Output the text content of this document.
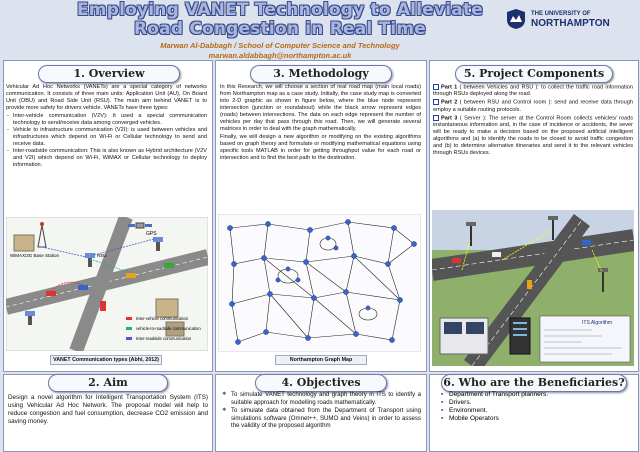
Employing VANET Technology to Alleviate
Road Congestion in Real Time
Marwan Al-Dabbagh / School of Computer Science and Technology
marwan.aldabbagh@northampton.ac.uk
THE UNIVERSITY OF
NORTHAMPTON
1. Overview

Vehicular Ad Hoc Networks (VANETs) are a special category of networks communication. It consists of three main units: Application Unit (AU), On Board Unit (OBU) and Road Side Unit (RSU). The main aim behind VANET is to provide more safety for drivers vehicle. VANETs have three types:

- Inter-vehicle communication (V2V): It used a special communication technology to send/receive data among converged vehicles.
- Vehicle to infrastructure communication (V2I): is used between vehicles and infrastructures which depend on Wi-Fi or Cellular technology to send and receive data.
- Inter-roadside communication: This is also known as Hybrid architecture (V2V and V2I) which depend on Wi-Fi, WiMAX or Cellular technology to deploy information.
GPS
WiMAX/3G Base Station	RSU
Inter-vehicle communication
vehicle-to-roadside communication
Inter-roadside communication
VANET Communication types (Abhi, 2012)
2. Aim
Design a novel algorithm for Intelligent Transportation System (ITS) using Vehicular Ad Hoc Network. The proposal model will help to reduce congestion and fuel consumption, decrease CO2 emission and saving money.
3. Methodology

In this Research, we will choose a section of real road map (main local roads) from Northampton map as a case study. Initially, the case study map is converted into 2-D graphic as shown in figure below, where the blue node represent intersection (junction or roundabout) while the black arrow represent edges (roads) between intersections. The data on each edge represent the number of vehicles per day that pass through this road. Then, we will generate several matrices in order to deal with the graph mathematically.

Finally, we will design a new algorithm or modifying on the existing algorithms based on graph theory and formulate or modifying mathematical equations using specific tools MATLAB in order for getting throughput value for each road or intersection and to find the best path to the destination.

Northampton Graph Map
4. Objectives
❖ To simulate VANET technology and graph theory in ITS to identify a suitable approach for modelling roads mathematically.
❖ To simulate data obtained from the Department of Transport using simulations software (Omnet++, SUMO and Veins) in order to assess the validity of the proposed algorithm
5. Project Components

Part 1 ( between Vehicles and RSU ): to collect the traffic road information through RSUs deployed along the road.

Part 2 ( between RSU and Control room ): send and receive data through employ a suitable routing protocols.

Part 3 ( Server ): The server at the Control Room collects vehicles/ roads instantaneous information and, in the case of incidence or accidents, the sever will be ready to make a decision based on the proposed artificial intelligent algorithms and (a) to identify the roads to be closed to avoid traffic congestion and (b) to determine alternative itineraries and send it to the relevant vehicles through RSUs devices.

ITS Algorithm
6. Who are the Beneficiaries?
▪ Department of Transport planners.
▪ Drivers.
▪ Environment.
▪ Mobile Operators
